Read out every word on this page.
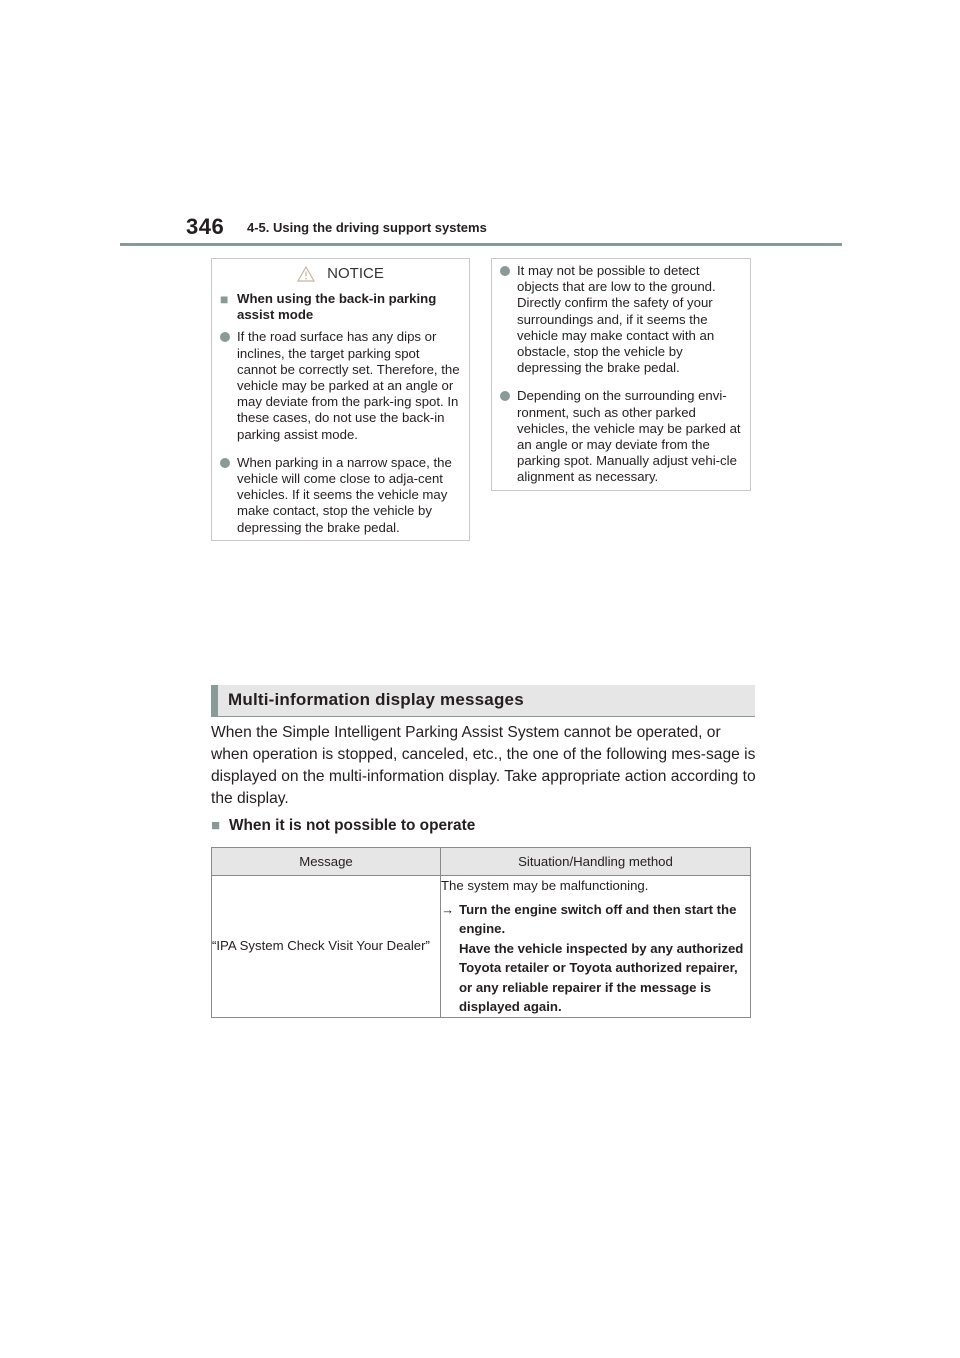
346 4-5. Using the driving support systems
NOTICE
■ When using the back-in parking assist mode
If the road surface has any dips or inclines, the target parking spot cannot be correctly set. Therefore, the vehicle may be parked at an angle or may deviate from the park-ing spot. In these cases, do not use the back-in parking assist mode.
When parking in a narrow space, the vehicle will come close to adja-cent vehicles. If it seems the vehicle may make contact, stop the vehicle by depressing the brake pedal.
It may not be possible to detect objects that are low to the ground. Directly confirm the safety of your surroundings and, if it seems the vehicle may make contact with an obstacle, stop the vehicle by depressing the brake pedal.
Depending on the surrounding envi-ronment, such as other parked vehicles, the vehicle may be parked at an angle or may deviate from the parking spot. Manually adjust vehi-cle alignment as necessary.
Multi-information display messages
When the Simple Intelligent Parking Assist System cannot be operated, or when operation is stopped, canceled, etc., the one of the following mes-sage is displayed on the multi-information display. Take appropriate action according to the display.
■ When it is not possible to operate
Message	Situation/Handling method
“IPA System Check Visit Your Dealer”	The system may be malfunctioning.
→ Turn the engine switch off and then start the engine.
Have the vehicle inspected by any authorized Toyota retailer or Toyota authorized repairer, or any reliable repairer if the message is displayed again.
